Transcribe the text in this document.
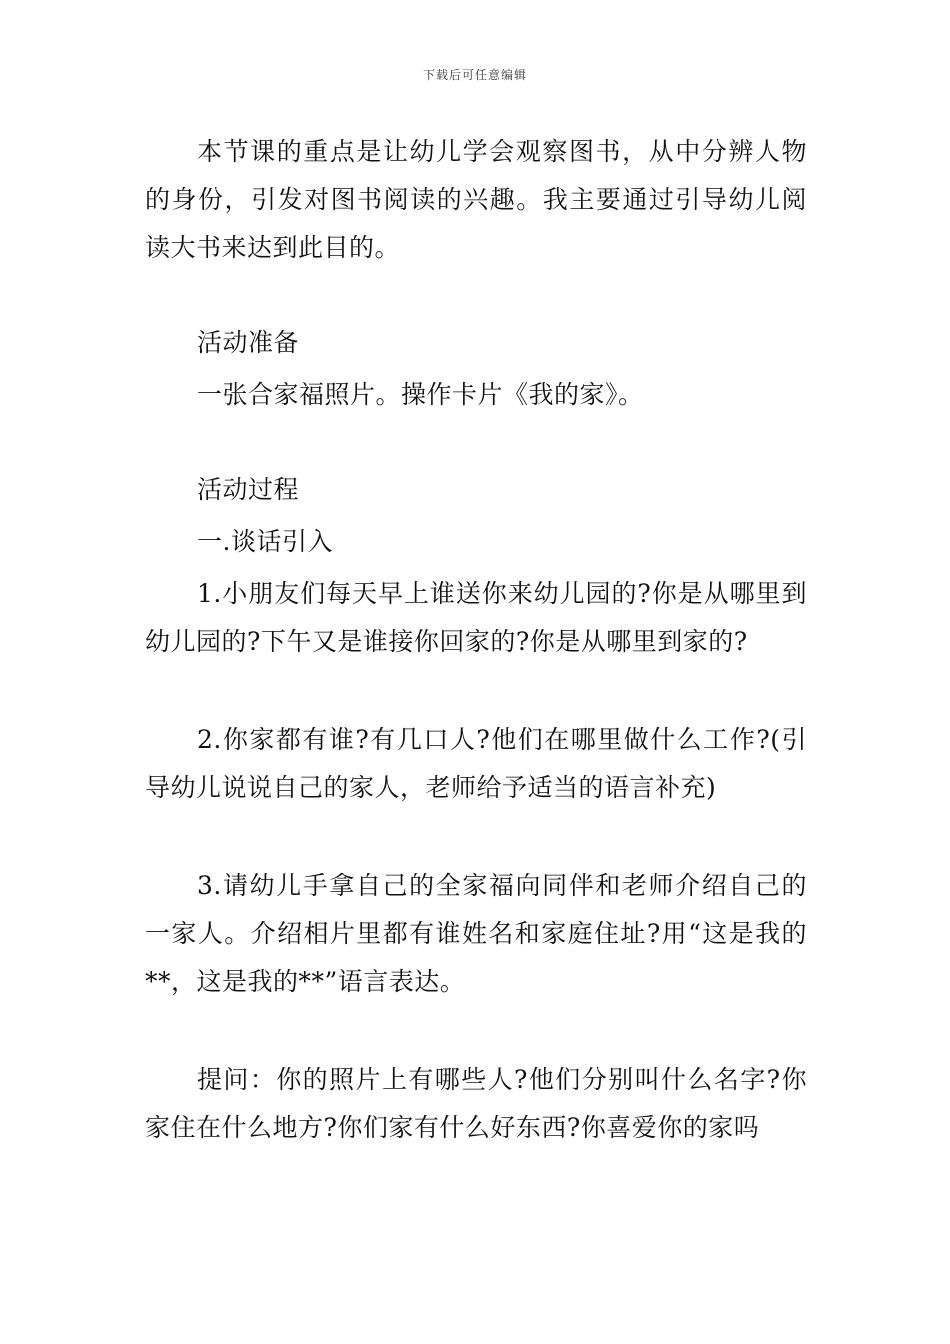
下载后可任意编辑

本节课的重点是让幼儿学会观察图书，从中分辨人物的身份，引发对图书阅读的兴趣。我主要通过引导幼儿阅读大书来达到此目的。

活动准备

一张合家福照片。操作卡片《我的家》。

活动过程

一.谈话引入

1.小朋友们每天早上谁送你来幼儿园的?你是从哪里到幼儿园的?下午又是谁接你回家的?你是从哪里到家的?

2.你家都有谁?有几口人?他们在哪里做什么工作?(引导幼儿说说自己的家人，老师给予适当的语言补充)

3.请幼儿手拿自己的全家福向同伴和老师介绍自己的一家人。介绍相片里都有谁姓名和家庭住址?用“这是我的**，这是我的**”语言表达。

提问：你的照片上有哪些人?他们分别叫什么名字?你家住在什么地方?你们家有什么好东西?你喜爱你的家吗
